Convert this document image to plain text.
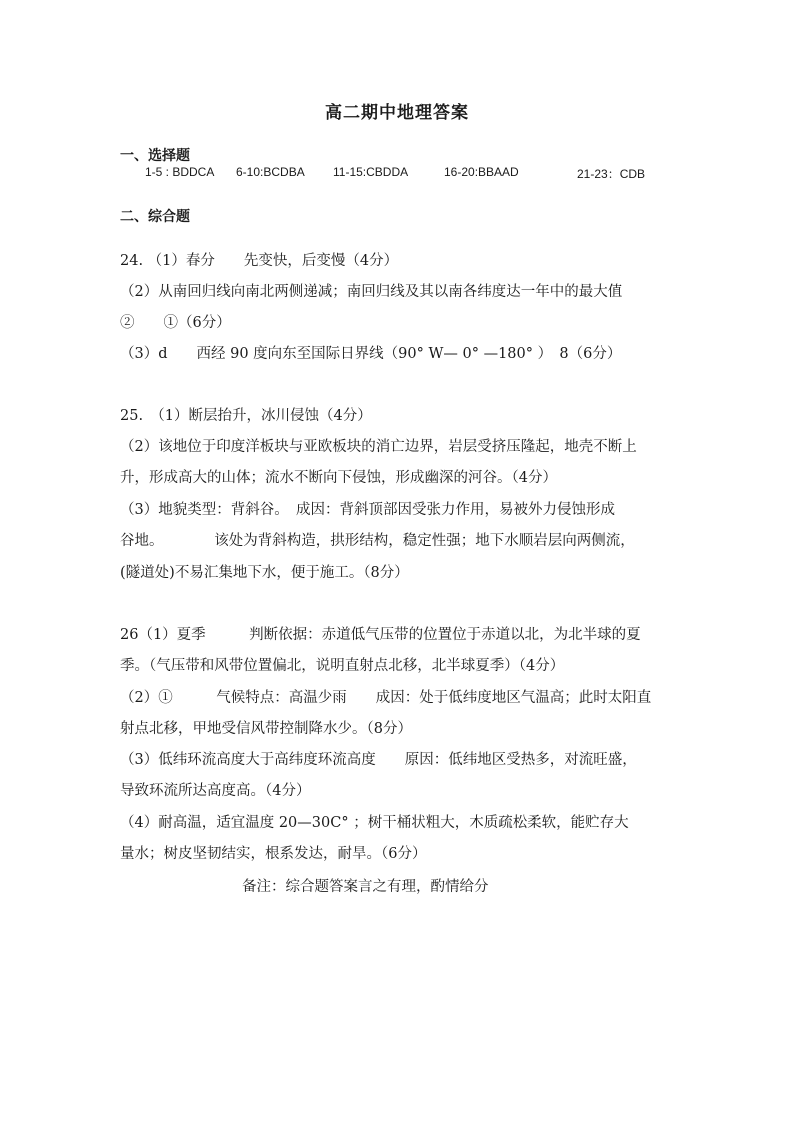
高二期中地理答案
一、选择题
1-5 : BDDCA 6-10:BCDBA 11-15:CBDDA	16-20:BBAAD	21-23：CDB
二、综合题
24. （1）春分　　先变快，后变慢（4分）
（2）从南回归线向南北两侧递减；南回归线及其以南各纬度达一年中的最大值
②　　①（6分）
（3）d　　西经 90 度向东至国际日界线（90° W— 0° —180° ）　8（6分）
25.　（1）断层抬升，冰川侵蚀（4分）
（2）该地位于印度洋板块与亚欧板块的消亡边界，岩层受挤压隆起，地壳不断上
升，形成高大的山体；流水不断向下侵蚀，形成幽深的河谷。（4分）
（3）地貌类型：背斜谷。　成因：背斜顶部因受张力作用，易被外力侵蚀形成
谷地。　　　　该处为背斜构造，拱形结构，稳定性强；地下水顺岩层向两侧流，
(隧道处)不易汇集地下水，便于施工。（8分）
26（1）夏季　　　判断依据：赤道低气压带的位置位于赤道以北，为北半球的夏
季。（气压带和风带位置偏北，说明直射点北移，北半球夏季）（4分）
（2）①　　　气候特点：高温少雨　　成因：处于低纬度地区气温高；此时太阳直
射点北移，甲地受信风带控制降水少。（8分）
（3）低纬环流高度大于高纬度环流高度　　原因：低纬地区受热多，对流旺盛，
导致环流所达高度高。（4分）
（4）耐高温，适宜温度 20—30C° ；树干桶状粗大，木质疏松柔软，能贮存大
量水；树皮坚韧结实，根系发达，耐旱。（6分）
备注：综合题答案言之有理，酌情给分
